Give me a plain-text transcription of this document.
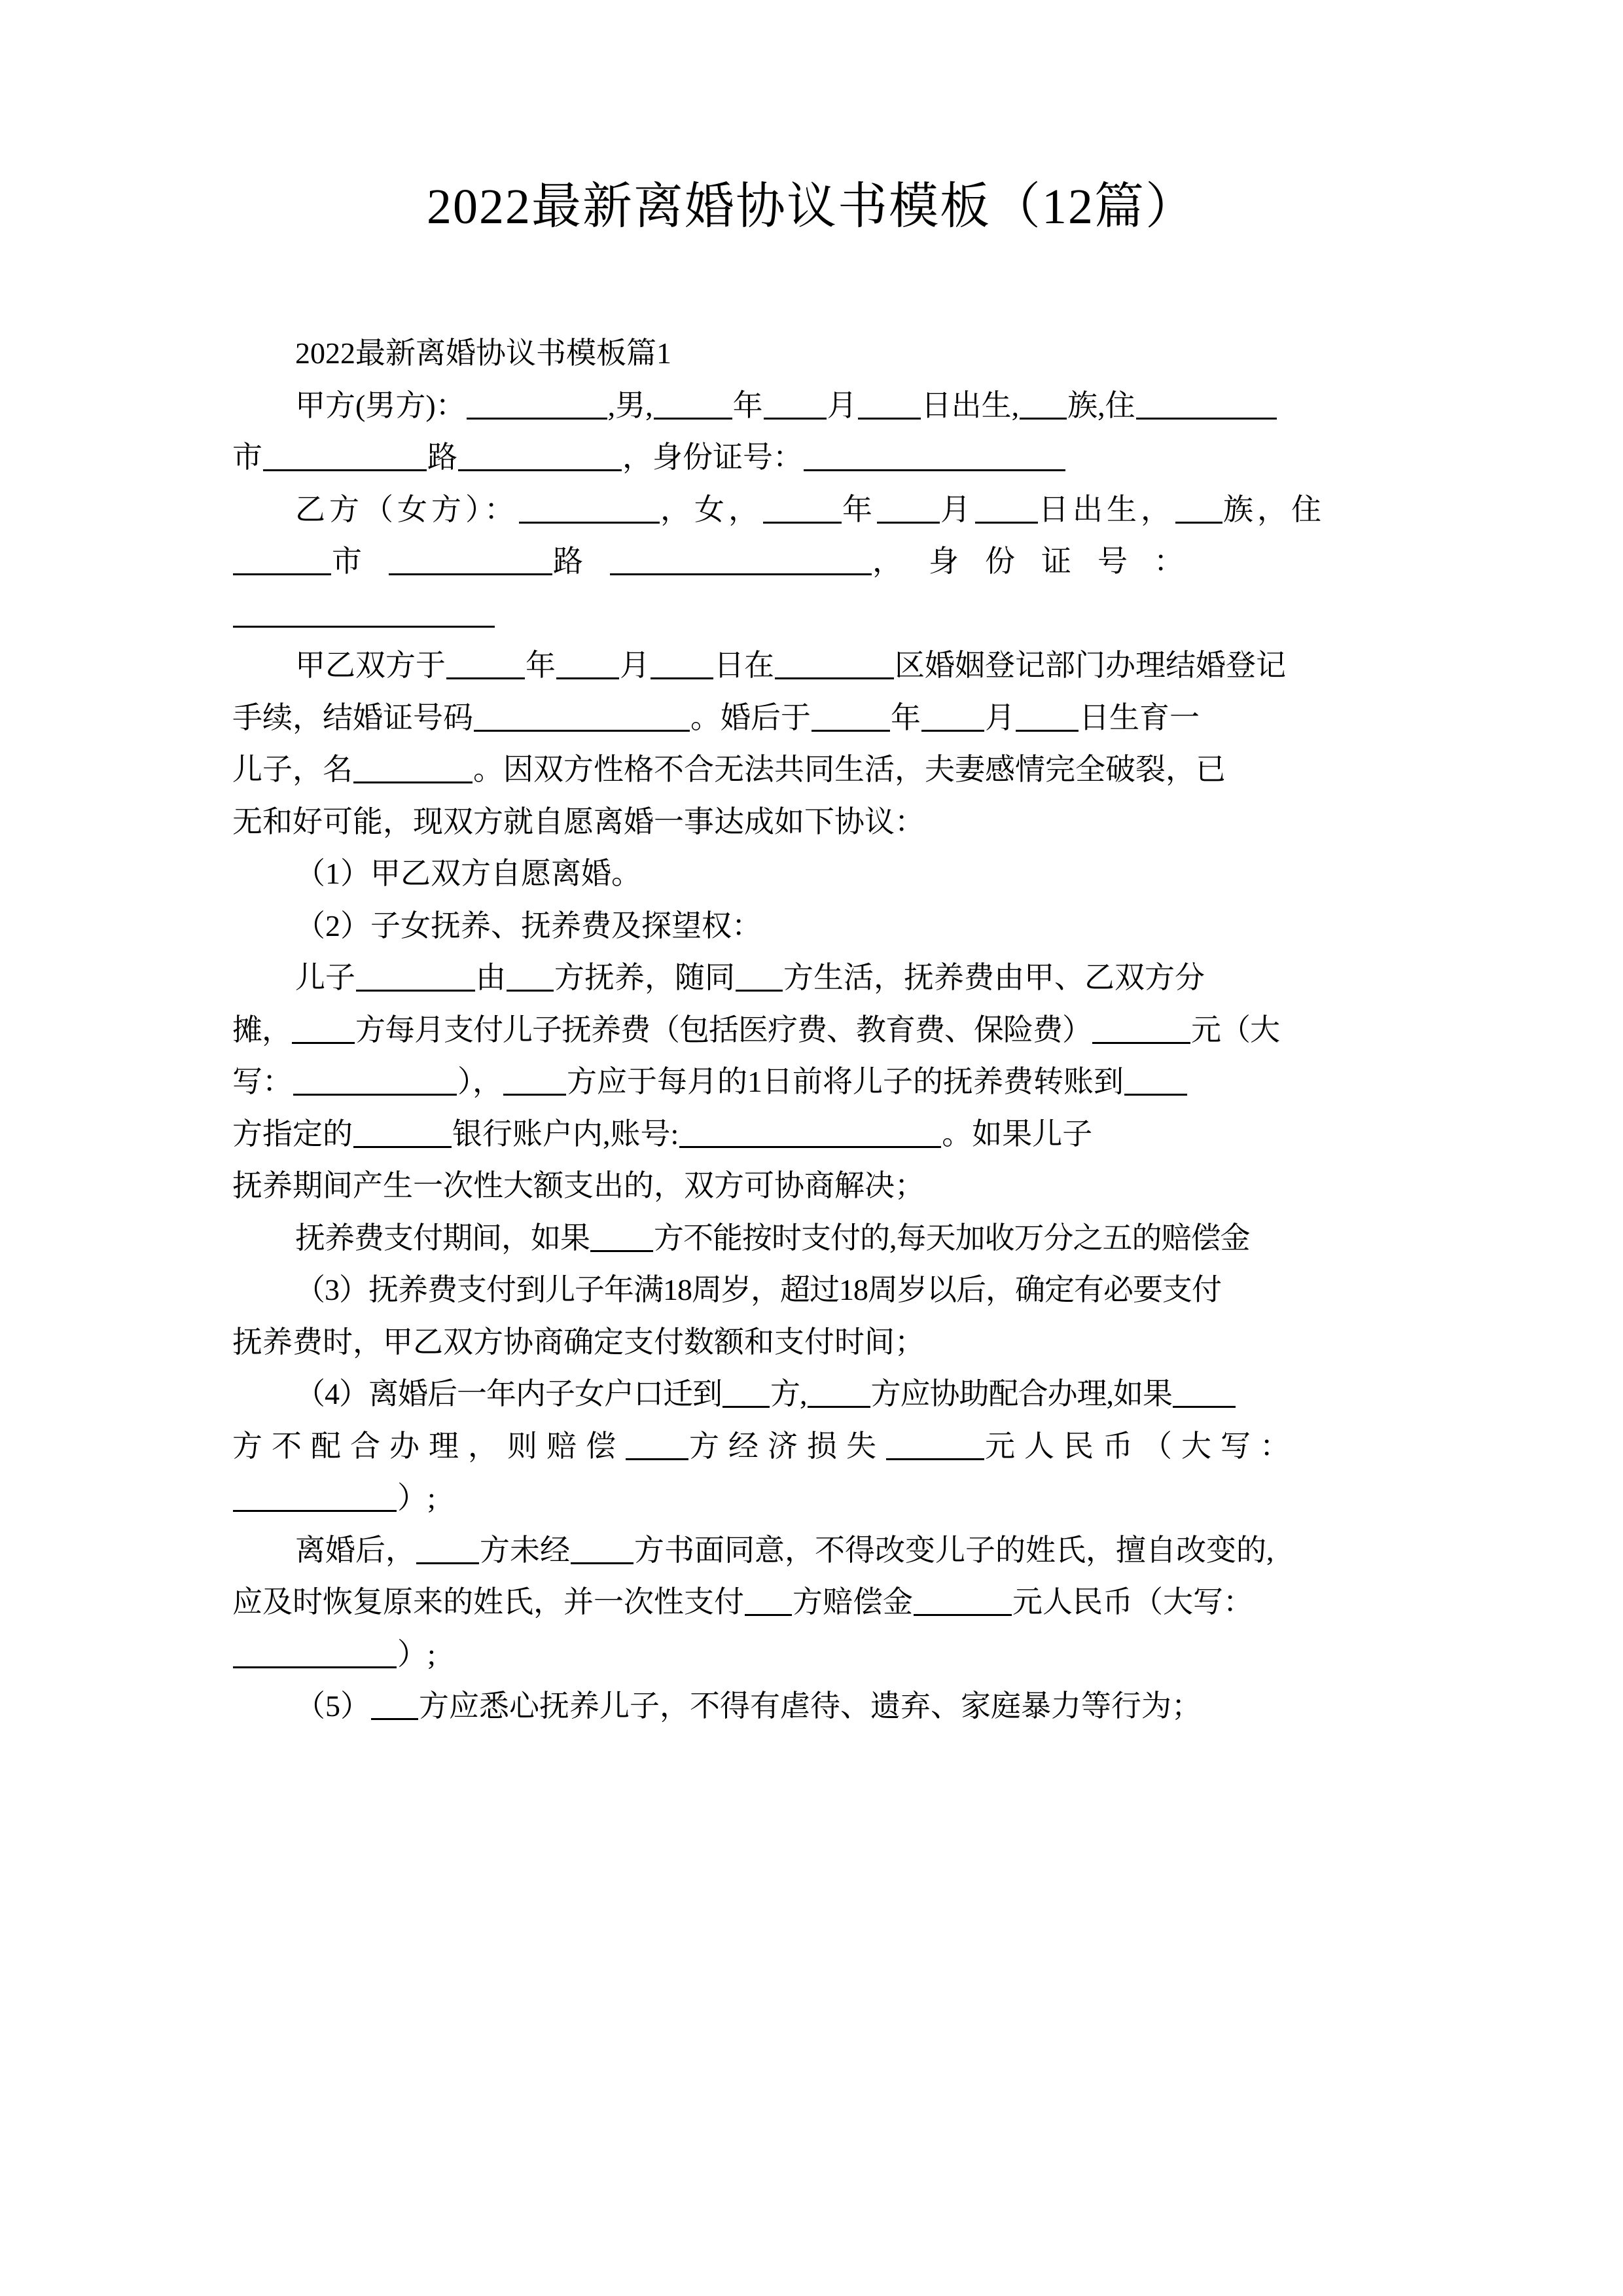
2022最新离婚协议书模板（12篇）
2022最新离婚协议书模板篇1
甲方(男方)：	,男,	年 月 日出生, 族,住
市	路	，身份证号：
乙方（女方）：	，女，	年 月 日出生， 族，住
市	路	，身份证号：
甲乙双方于	年 月 日在	区婚姻登记部门办理结婚登记
手续，结婚证号码	。婚后于	年 月 日生育一
儿子，名	。因双方性格不合无法共同生活，夫妻感情完全破裂，已
无和好可能，现双方就自愿离婚一事达成如下协议：
（1）甲乙双方自愿离婚。
（2）子女抚养、抚养费及探望权：
儿子	由 方抚养，随同 方生活，抚养费由甲、乙双方分
摊， 方每月支付儿子抚养费（包括医疗费、教育费、保险费）	元（大
写：	）， 方应于每月的1日前将儿子的抚养费转账到
方指定的	银行账户内,账号:	。如果儿子
抚养期间产生一次性大额支出的，双方可协商解决；
抚养费支付期间，如果 方不能按时支付的,每天加收万分之五的赔偿金
（3）抚养费支付到儿子年满18周岁，超过18周岁以后，确定有必要支付
抚养费时，甲乙双方协商确定支付数额和支付时间；
（4）离婚后一年内子女户口迁到 方, 方应协助配合办理,如果
方不配合办理，则赔偿 方经济损失	元人民币（大写：
）;
离婚后， 方未经 方书面同意，不得改变儿子的姓氏，擅自改变的,
应及时恢复原来的姓氏，并一次性支付 方赔偿金	元人民币（大写：
）;
（5） 方应悉心抚养儿子，不得有虐待、遗弃、家庭暴力等行为；
